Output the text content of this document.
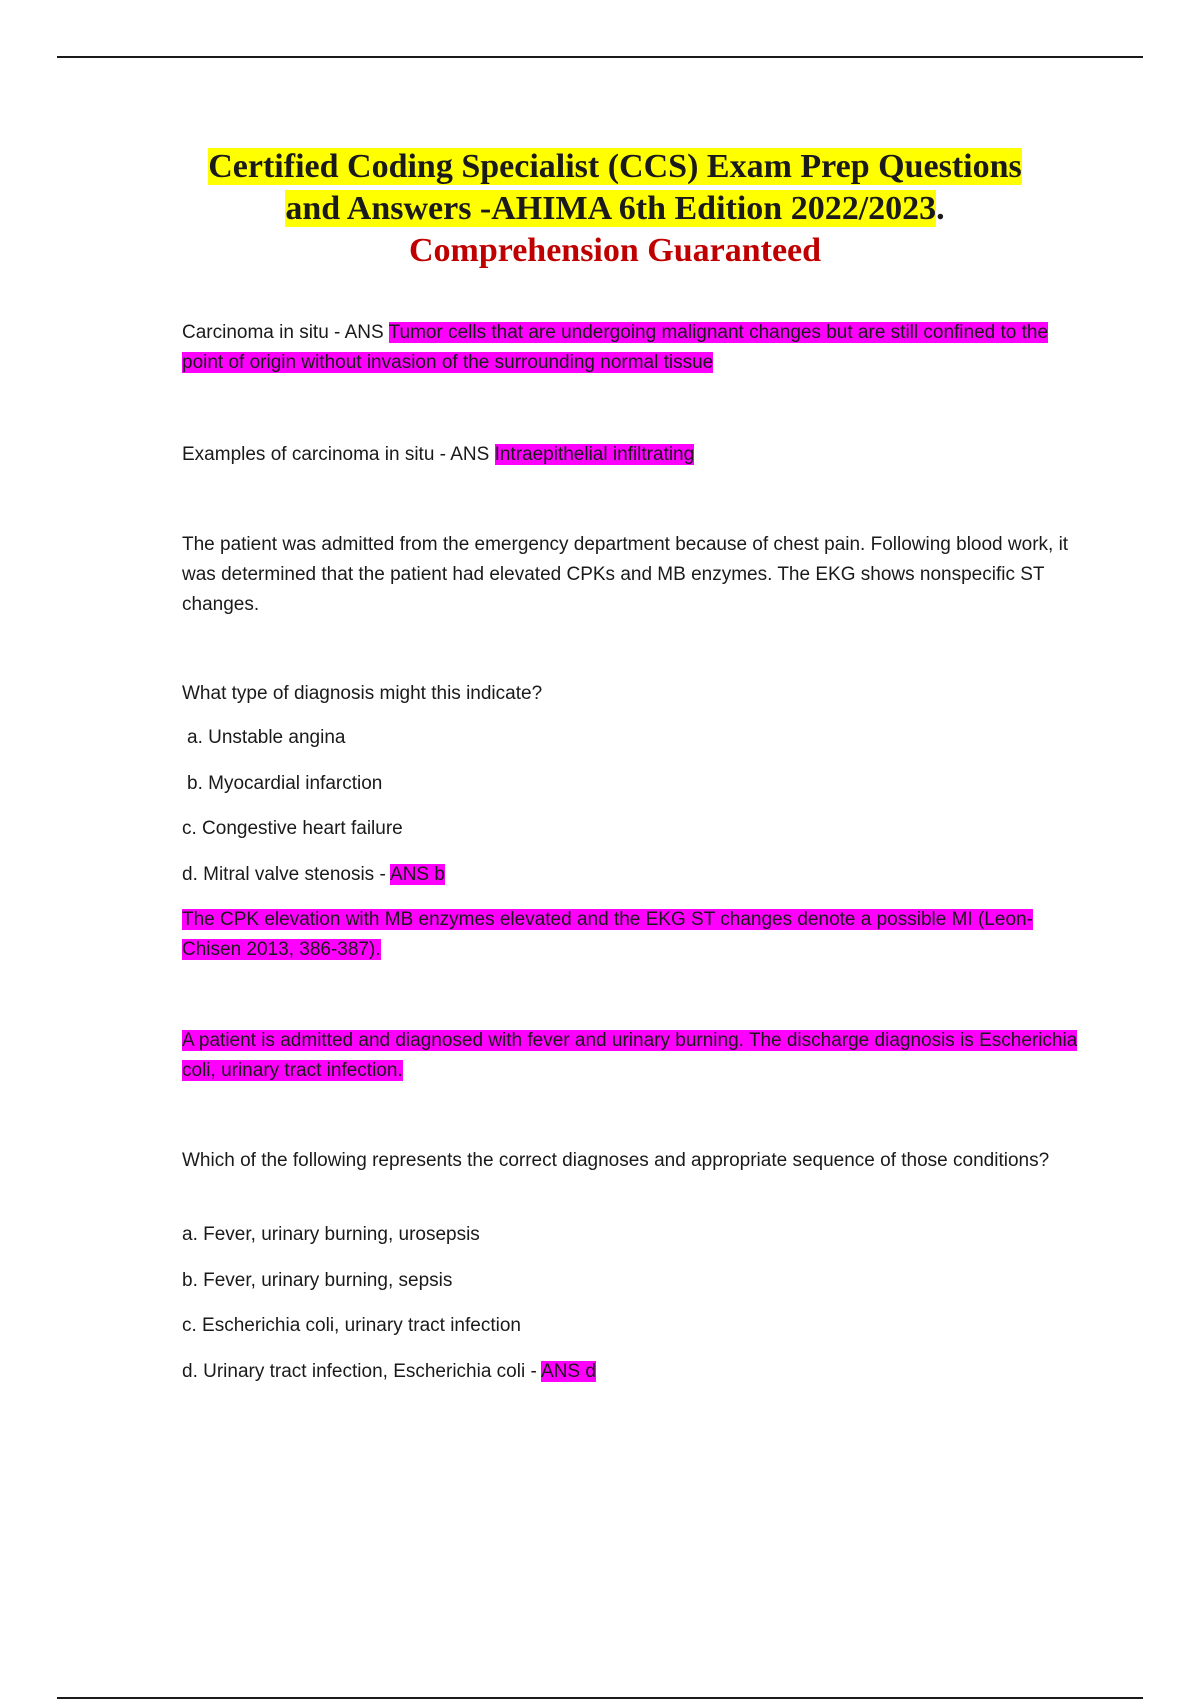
Certified Coding Specialist (CCS) Exam Prep Questions
and Answers -AHIMA 6th Edition 2022/2023.
Comprehension Guaranteed

Carcinoma in situ - ANS Tumor cells that are undergoing malignant changes but are still confined to the point of origin without invasion of the surrounding normal tissue

Examples of carcinoma in situ - ANS Intraepithelial infiltrating

The patient was admitted from the emergency department because of chest pain. Following blood work, it was determined that the patient had elevated CPKs and MB enzymes. The EKG shows nonspecific ST changes.

What type of diagnosis might this indicate?

a. Unstable angina
b. Myocardial infarction
c. Congestive heart failure
d. Mitral valve stenosis - ANS b

The CPK elevation with MB enzymes elevated and the EKG ST changes denote a possible MI (Leon-Chisen 2013, 386-387).

A patient is admitted and diagnosed with fever and urinary burning. The discharge diagnosis is Escherichia coli, urinary tract infection.

Which of the following represents the correct diagnoses and appropriate sequence of those conditions?

a. Fever, urinary burning, urosepsis
b. Fever, urinary burning, sepsis
c. Escherichia coli, urinary tract infection
d. Urinary tract infection, Escherichia coli - ANS d
